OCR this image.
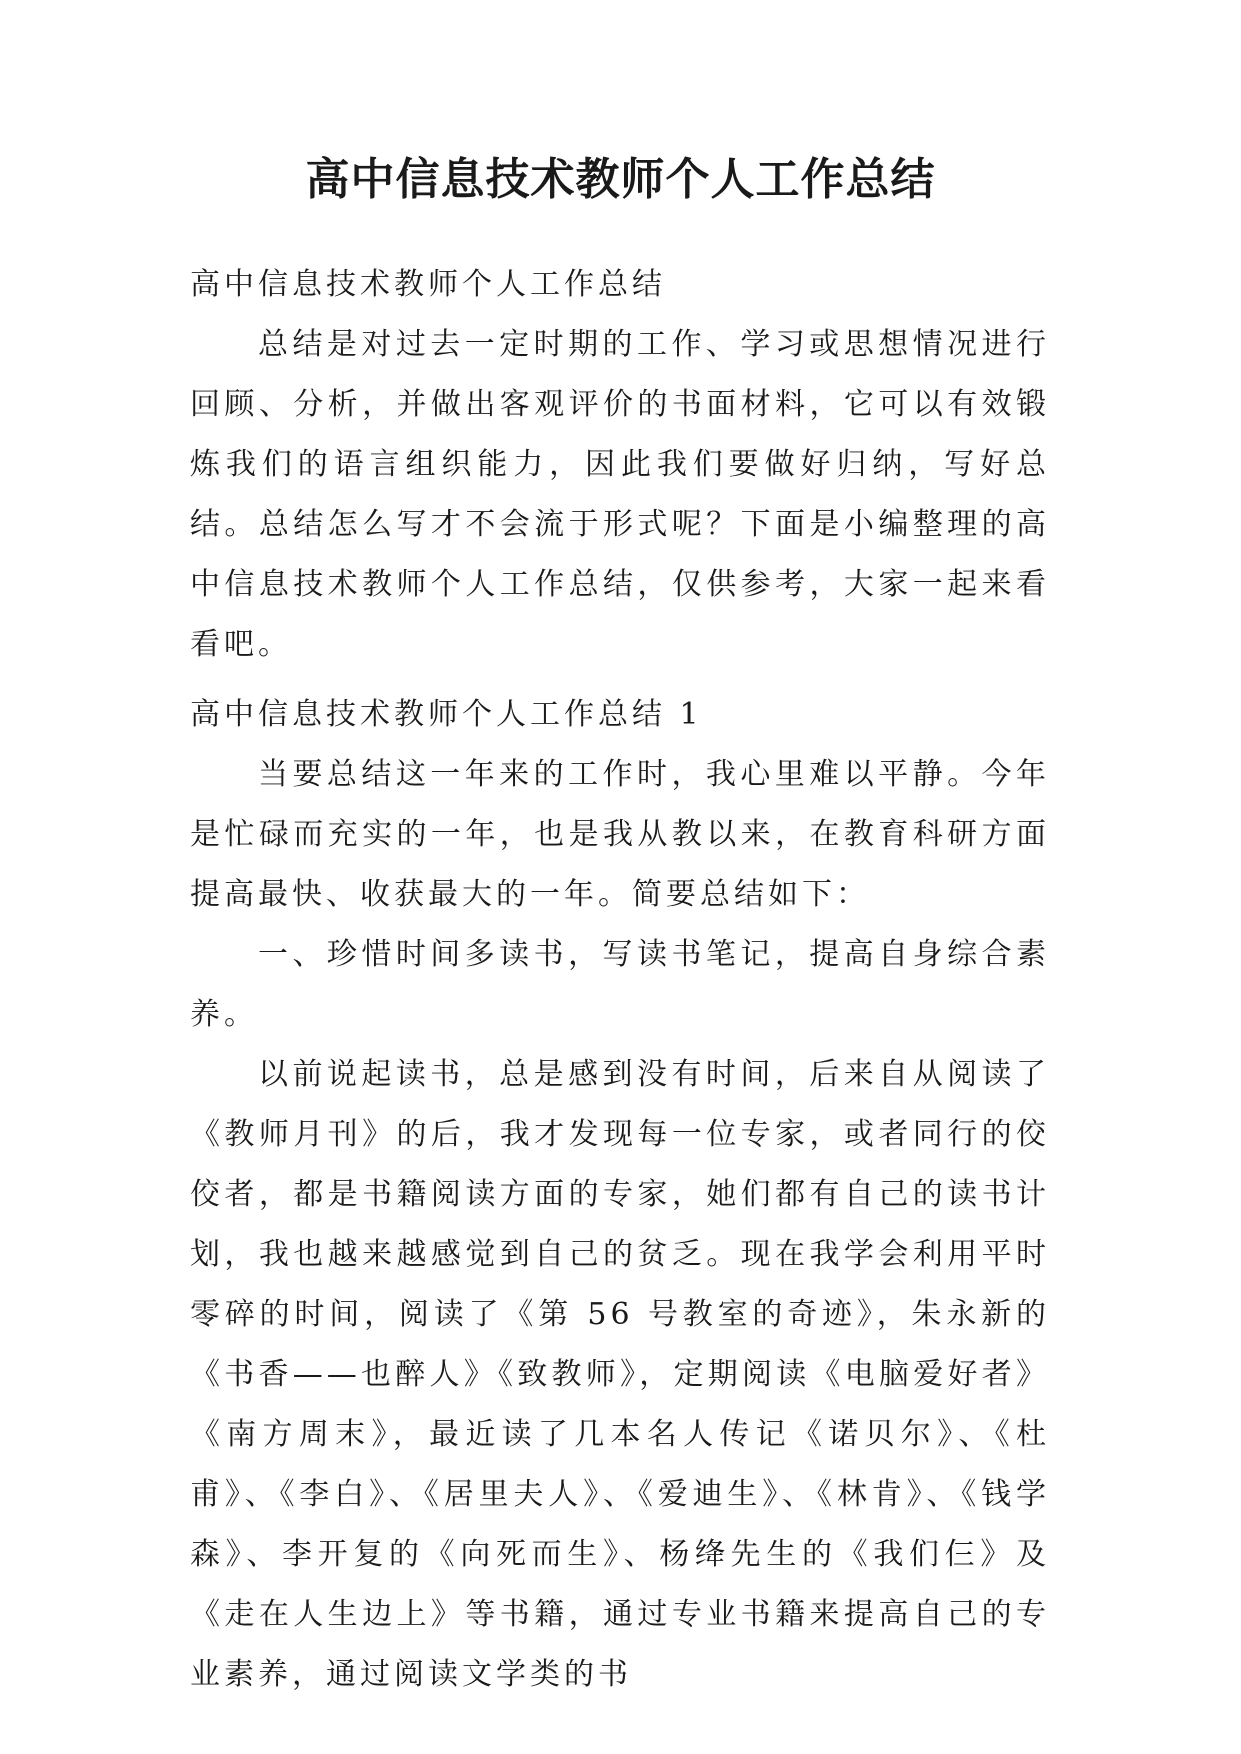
高中信息技术教师个人工作总结
高中信息技术教师个人工作总结

总结是对过去一定时期的工作、学习或思想情况进行回顾、分析，并做出客观评价的书面材料，它可以有效锻炼我们的语言组织能力，因此我们要做好归纳，写好总结。总结怎么写才不会流于形式呢？下面是小编整理的高中信息技术教师个人工作总结，仅供参考，大家一起来看看吧。

高中信息技术教师个人工作总结 1

当要总结这一年来的工作时，我心里难以平静。今年是忙碌而充实的一年，也是我从教以来，在教育科研方面提高最快、收获最大的一年。简要总结如下：

一、珍惜时间多读书，写读书笔记，提高自身综合素养。

以前说起读书，总是感到没有时间，后来自从阅读了《教师月刊》的后，我才发现每一位专家，或者同行的佼佼者，都是书籍阅读方面的专家，她们都有自己的读书计划，我也越来越感觉到自己的贫乏。现在我学会利用平时零碎的时间，阅读了《第 56 号教室的奇迹》，朱永新的《书香——也醉人》《致教师》，定期阅读《电脑爱好者》《南方周末》，最近读了几本名人传记《诺贝尔》、《杜甫》、《李白》、《居里夫人》、《爱迪生》、《林肯》、《钱学森》、李开复的《向死而生》、杨绛先生的《我们仨》及《走在人生边上》等书籍，通过专业书籍来提高自己的专业素养，通过阅读文学类的书
